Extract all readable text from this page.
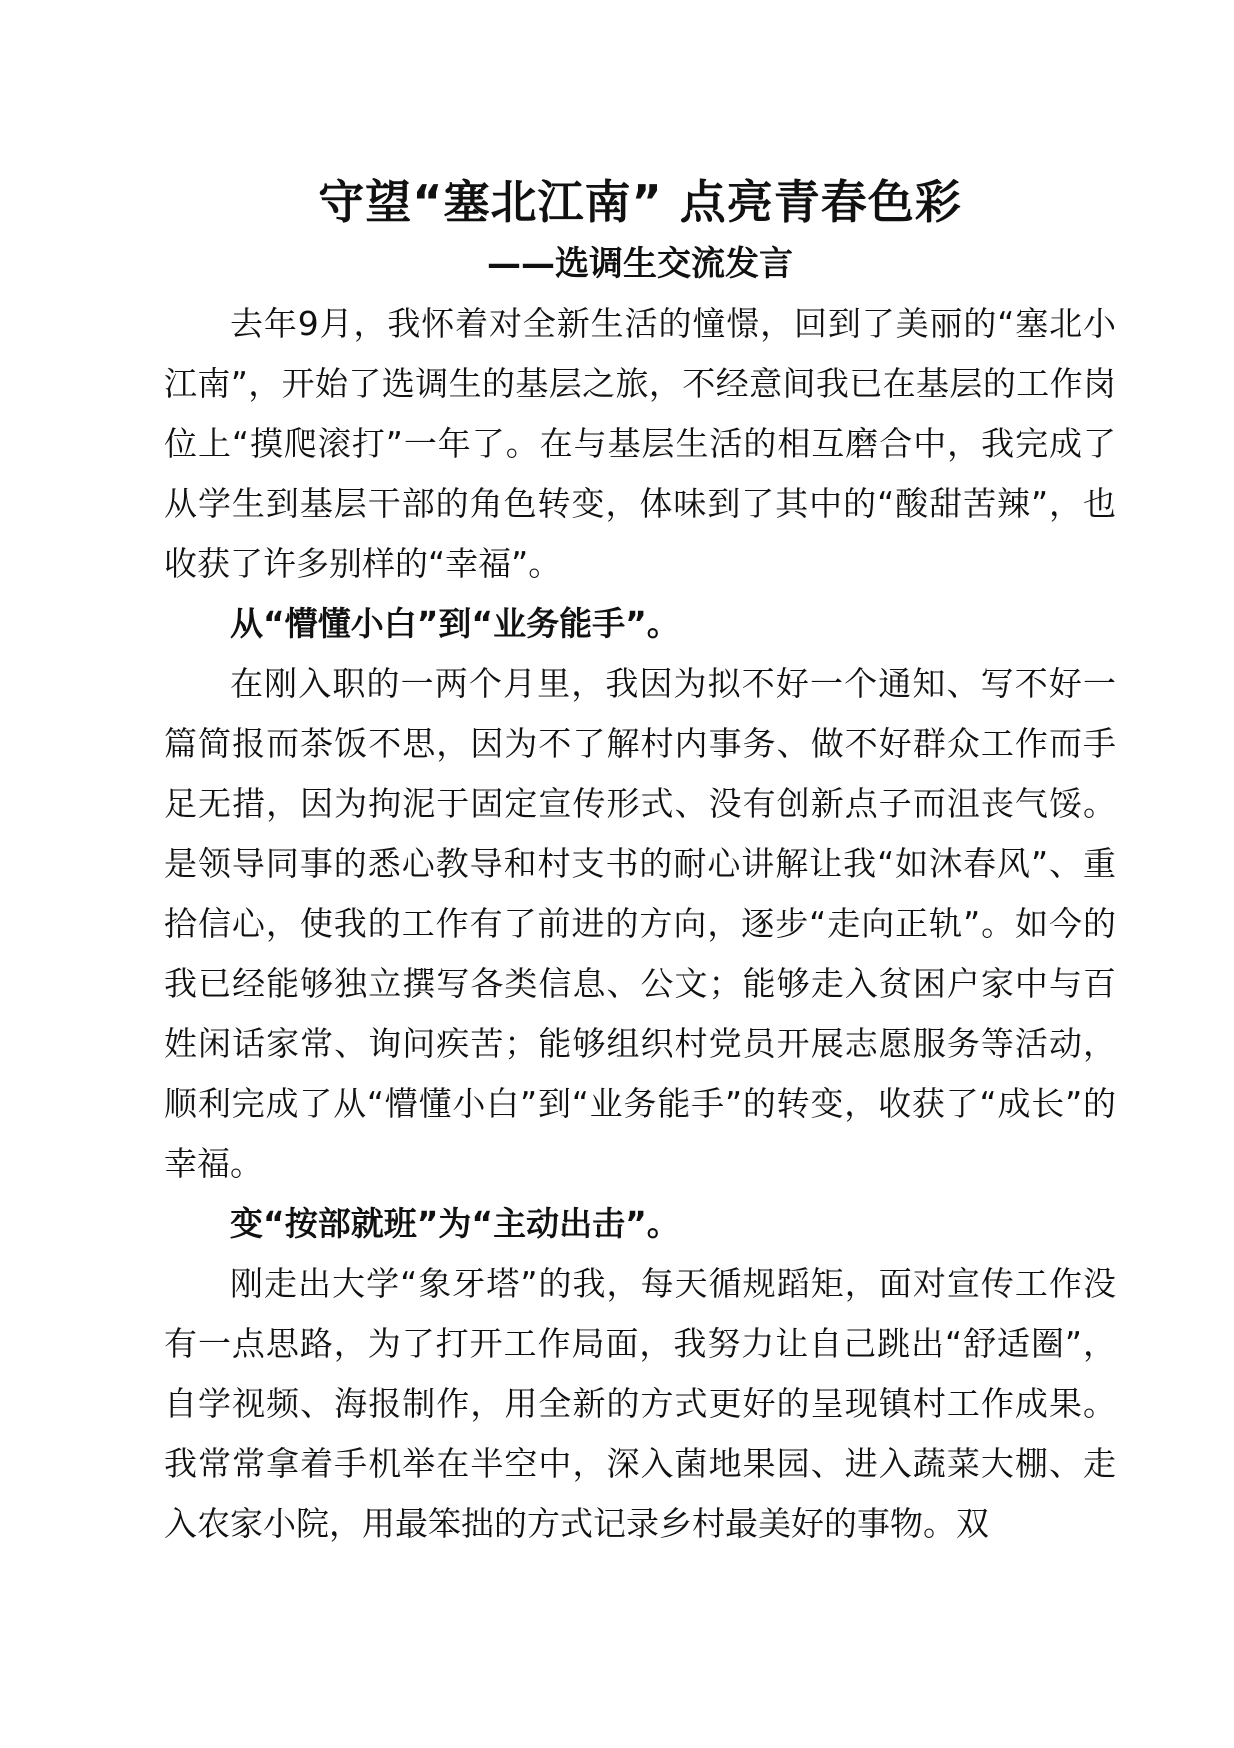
守望“塞北江南” 点亮青春色彩
——选调生交流发言

去年9月，我怀着对全新生活的憧憬，回到了美丽的“塞北小江南”，开始了选调生的基层之旅，不经意间我已在基层的工作岗位上“摸爬滚打”一年了。在与基层生活的相互磨合中，我完成了从学生到基层干部的角色转变，体味到了其中的“酸甜苦辣”，也收获了许多别样的“幸福”。

从“懵懂小白”到“业务能手”。

在刚入职的一两个月里，我因为拟不好一个通知、写不好一篇简报而茶饭不思，因为不了解村内事务、做不好群众工作而手足无措，因为拘泥于固定宣传形式、没有创新点子而沮丧气馁。是领导同事的悉心教导和村支书的耐心讲解让我“如沐春风”、重拾信心，使我的工作有了前进的方向，逐步“走向正轨”。如今的我已经能够独立撰写各类信息、公文；能够走入贫困户家中与百姓闲话家常、询问疾苦；能够组织村党员开展志愿服务等活动，顺利完成了从“懵懂小白”到“业务能手”的转变，收获了“成长”的幸福。

变“按部就班”为“主动出击”。

刚走出大学“象牙塔”的我，每天循规蹈矩，面对宣传工作没有一点思路，为了打开工作局面，我努力让自己跳出“舒适圈”，自学视频、海报制作，用全新的方式更好的呈现镇村工作成果。我常常拿着手机举在半空中，深入菌地果园、进入蔬菜大棚、走入农家小院，用最笨拙的方式记录乡村最美好的事物。双
